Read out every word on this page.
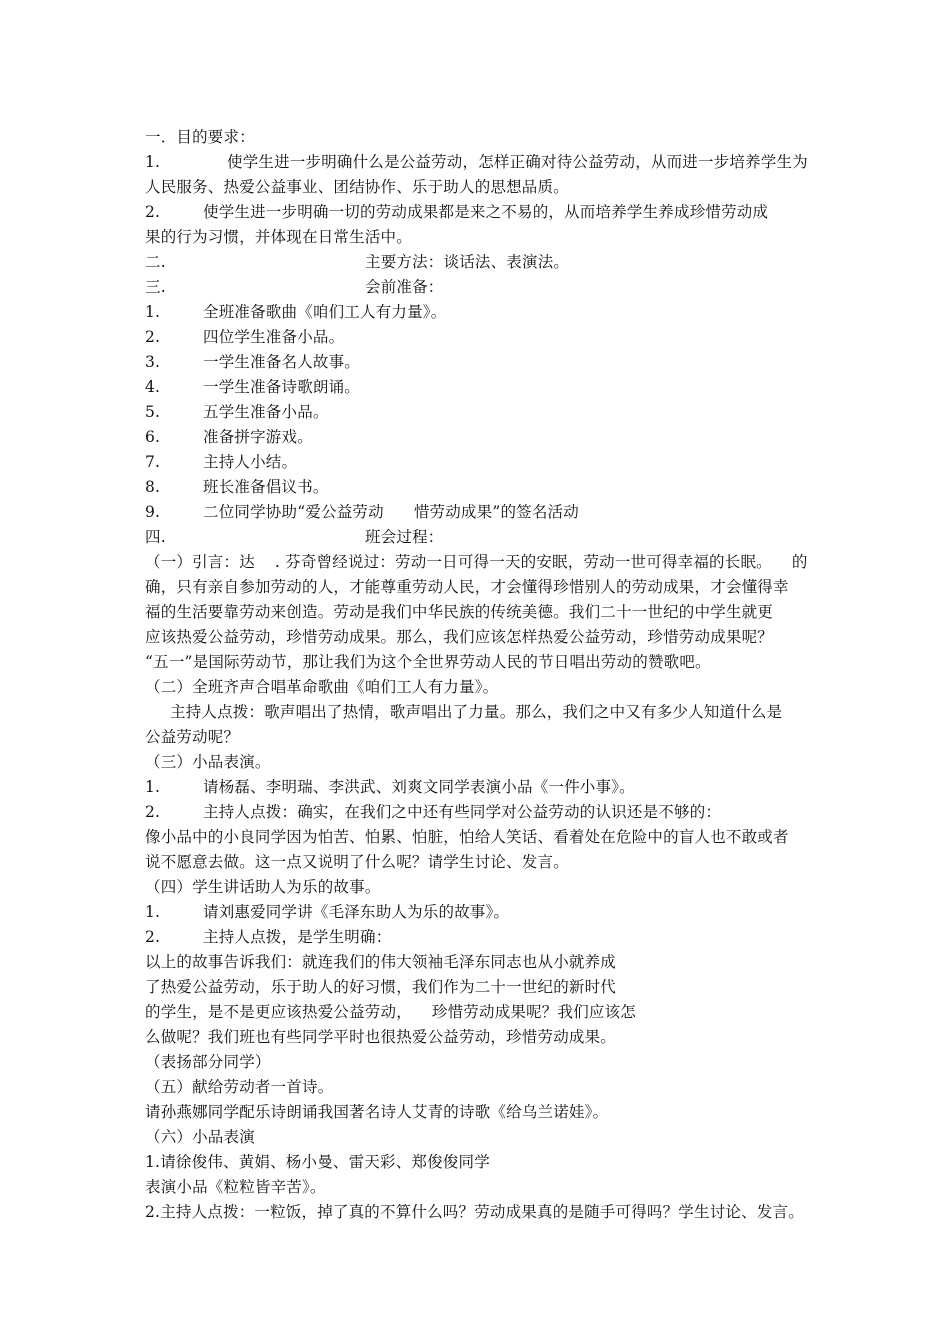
一．目的要求：
1.	使学生进一步明确什么是公益劳动，怎样正确对待公益劳动，从而进一步培养学生为
人民服务、热爱公益事业、团结协作、乐于助人的思想品质。
2.	使学生进一步明确一切的劳动成果都是来之不易的，从而培养学生养成珍惜劳动成
果的行为习惯，并体现在日常生活中。
二.	主要方法：谈话法、表演法。
三.	会前准备：
1.	全班准备歌曲《咱们工人有力量》。
2.	四位学生准备小品。
3.	一学生准备名人故事。
4.	一学生准备诗歌朗诵。
5.	五学生准备小品。
6.	准备拼字游戏。
7.	主持人小结。
8.	班长准备倡议书。
9.	二位同学协助“爱公益劳动 惜劳动成果”的签名活动
四.	班会过程：
（一）引言：达 . 芬奇曾经说过：劳动一日可得一天的安眠，劳动一世可得幸福的长眠。 的
确，只有亲自参加劳动的人，才能尊重劳动人民，才会懂得珍惜别人的劳动成果，才会懂得幸
福的生活要靠劳动来创造。劳动是我们中华民族的传统美德。我们二十一世纪的中学生就更
应该热爱公益劳动，珍惜劳动成果。那么，我们应该怎样热爱公益劳动，珍惜劳动成果呢？
“五一”是国际劳动节，那让我们为这个全世界劳动人民的节日唱出劳动的赞歌吧。
（二）全班齐声合唱革命歌曲《咱们工人有力量》。
主持人点拨：歌声唱出了热情，歌声唱出了力量。那么，我们之中又有多少人知道什么是
公益劳动呢？
（三）小品表演。
1.	请杨磊、李明瑞、李洪武、刘爽文同学表演小品《一件小事》。
2.	主持人点拨：确实，在我们之中还有些同学对公益劳动的认识还是不够的：
像小品中的小良同学因为怕苦、怕累、怕脏，怕给人笑话、看着处在危险中的盲人也不敢或者
说不愿意去做。这一点又说明了什么呢？请学生讨论、发言。
（四）学生讲话助人为乐的故事。
1.	请刘惠爱同学讲《毛泽东助人为乐的故事》。
2.	主持人点拨，是学生明确：
以上的故事告诉我们：就连我们的伟大领袖毛泽东同志也从小就养成
了热爱公益劳动，乐于助人的好习惯，我们作为二十一世纪的新时代
的学生，是不是更应该热爱公益劳动， 珍惜劳动成果呢？我们应该怎
么做呢？我们班也有些同学平时也很热爱公益劳动，珍惜劳动成果。
（表扬部分同学）
（五）献给劳动者一首诗。
请孙燕娜同学配乐诗朗诵我国著名诗人艾青的诗歌《给乌兰诺娃》。
（六）小品表演
1.请徐俊伟、黄娟、杨小曼、雷天彩、郑俊俊同学
表演小品《粒粒皆辛苦》。
2.主持人点拨：一粒饭，掉了真的不算什么吗？劳动成果真的是随手可得吗？学生讨论、发言。
